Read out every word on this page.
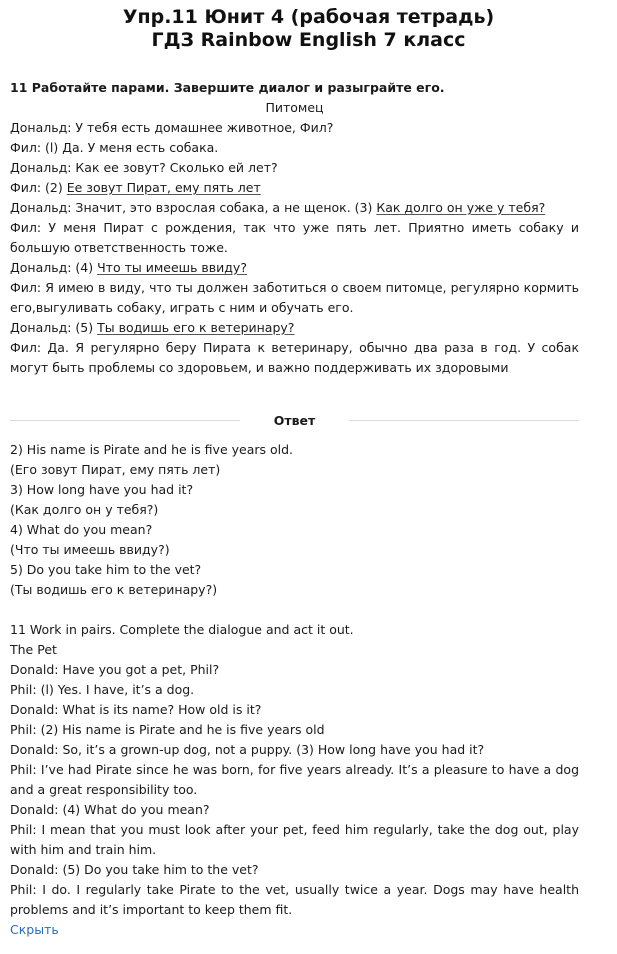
Упр.11 Юнит 4 (рабочая тетрадь)
ГДЗ Rainbow English 7 класс
11 Работайте парами. Завершите диалог и разыграйте его.
Питомец
Дональд: У тебя есть домашнее животное, Фил?
Фил: (l) Да. У меня есть собака.
Дональд: Как ее зовут? Сколько ей лет?
Фил: (2) Ее зовут Пират, ему пять лет
Дональд: Значит, это взрослая собака, а не щенок. (3) Как долго он уже у тебя?
Фил: У меня Пират с рождения, так что уже пять лет. Приятно иметь собаку и большую ответственность тоже.
Дональд: (4) Что ты имеешь ввиду?
Фил: Я имею в виду, что ты должен заботиться о своем питомце, регулярно кормить его,выгуливать собаку, играть с ним и обучать его.
Дональд: (5) Ты водишь его к ветеринару?
Фил: Да. Я регулярно беру Пирата к ветеринару, обычно два раза в год. У собак могут быть проблемы со здоровьем, и важно поддерживать их здоровыми
Ответ
2) His name is Pirate and he is five years old.
(Его зовут Пират, ему пять лет)
3) How long have you had it?
(Как долго он у тебя?)
4) What do you mean?
(Что ты имеешь ввиду?)
5) Do you take him to the vet?
(Ты водишь его к ветеринару?)
11 Work in pairs. Complete the dialogue and act it out.
The Pet
Donald: Have you got a pet, Phil?
Phil: (l) Yes. I have, it’s a dog.
Donald: What is its name? How old is it?
Phil: (2) His name is Pirate and he is five years old
Donald: So, it’s a grown-up dog, not a puppy. (3) How long have you had it?
Phil: I’ve had Pirate since he was born, for five years already. It’s a pleasure to have a dog and a great responsibility too.
Donald: (4) What do you mean?
Phil: I mean that you must look after your pet, feed him regularly, take the dog out, play with him and train him.
Donald: (5) Do you take him to the vet?
Phil: I do. I regularly take Pirate to the vet, usually twice a year. Dogs may have health problems and it’s important to keep them fit.
Скрыть
